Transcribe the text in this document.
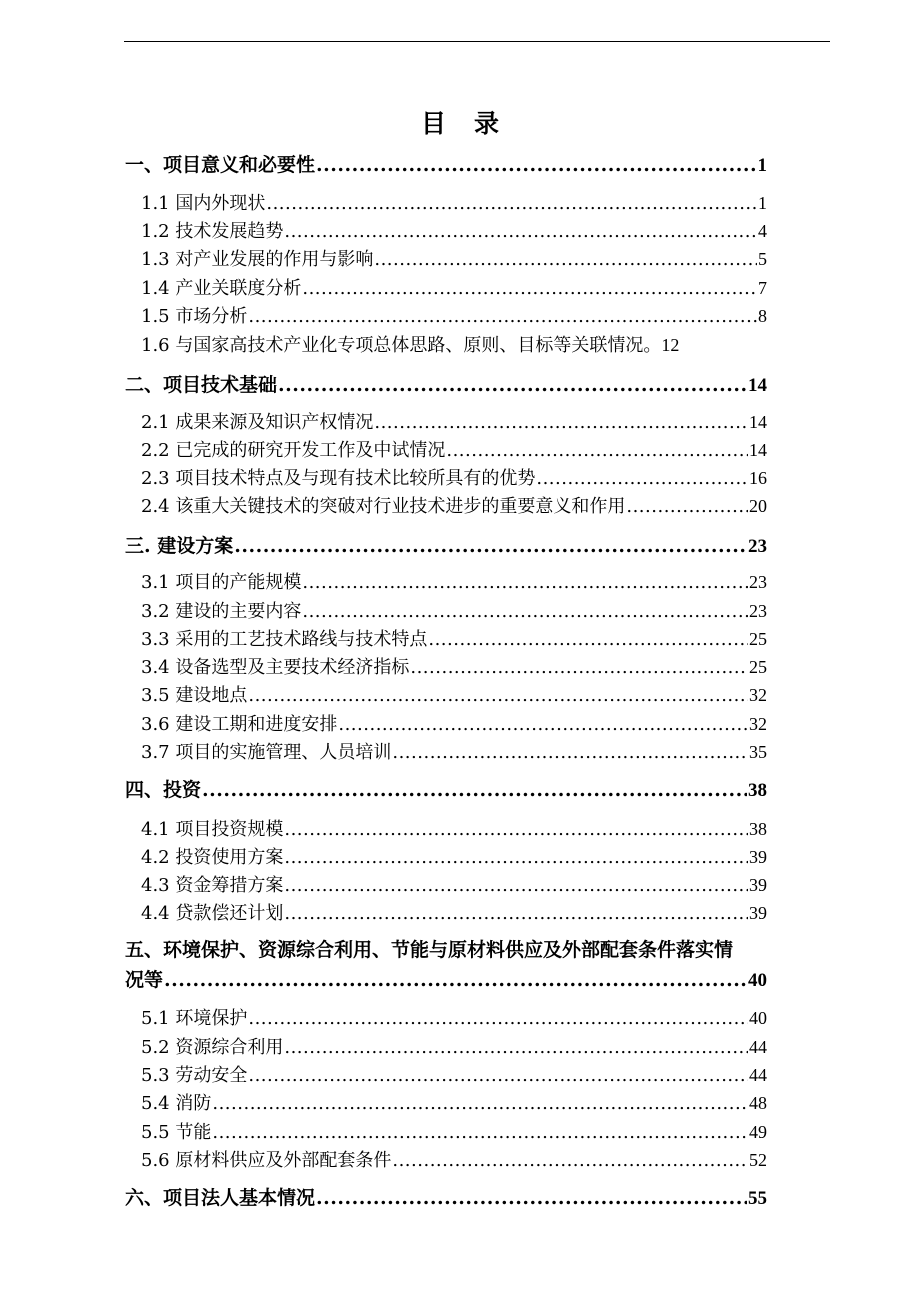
目 录
一、项目意义和必要性 .....	1
1.1 国内外现状 .....	1
1.2 技术发展趋势 .....	4
1.3 对产业发展的作用与影响 .....	5
1.4 产业关联度分析 .....	7
1.5 市场分析 .....	8
1.6 与国家高技术产业化专项总体思路、原则、目标等关联情况。 12
二、项目技术基础 .....	14
2.1 成果来源及知识产权情况 .....	14
2.2 已完成的研究开发工作及中试情况 .....	14
2.3 项目技术特点及与现有技术比较所具有的优势 .....	16
2.4 该重大关键技术的突破对行业技术进步的重要意义和作用 .....	20
三. 建设方案 .....	23
3.1 项目的产能规模 .....	23
3.2 建设的主要内容 .....	23
3.3 采用的工艺技术路线与技术特点 .....	25
3.4 设备选型及主要技术经济指标 .....	25
3.5 建设地点 .....	32
3.6 建设工期和进度安排 .....	32
3.7 项目的实施管理、人员培训 .....	35
四、投资 .....	38
4.1 项目投资规模 .....	38
4.2 投资使用方案 .....	39
4.3 资金筹措方案 .....	39
4.4 贷款偿还计划 .....	39
五、环境保护、资源综合利用、节能与原材料供应及外部配套条件落实情
况等 .....	40
5.1 环境保护 .....	40
5.2 资源综合利用 .....	44
5.3 劳动安全 .....	44
5.4 消防 .....	48
5.5 节能 .....	49
5.6 原材料供应及外部配套条件 .....	52
六、项目法人基本情况 .....	55
